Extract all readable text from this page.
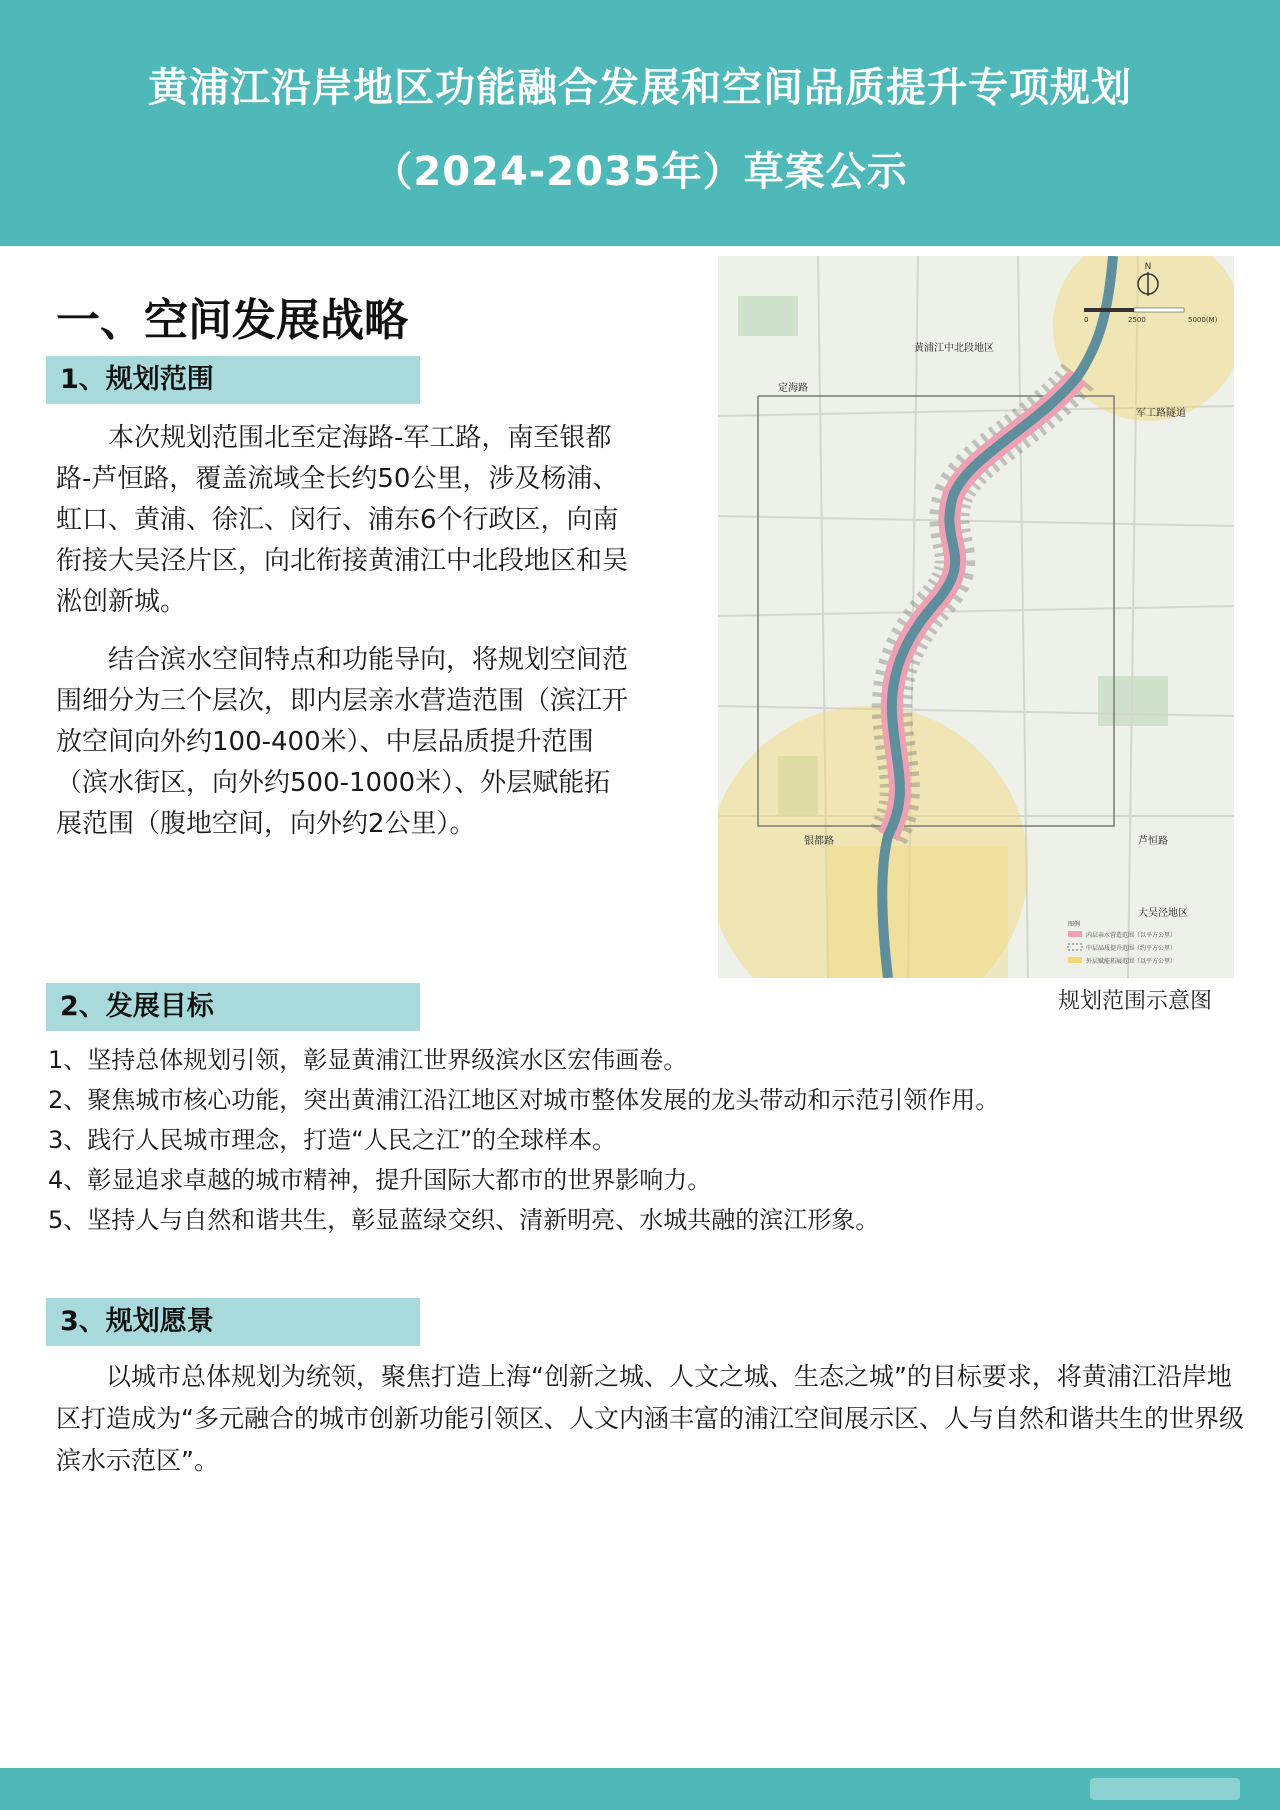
黄浦江沿岸地区功能融合发展和空间品质提升专项规划
（2024-2035年）草案公示
一、空间发展战略
1、规划范围

本次规划范围北至定海路-军工路，南至银都路-芦恒路，覆盖流域全长约50公里，涉及杨浦、虹口、黄浦、徐汇、闵行、浦东6个行政区，向南衔接大吴泾片区，向北衔接黄浦江中北段地区和吴淞创新城。

结合滨水空间特点和功能导向，将规划空间范围细分为三个层次，即内层亲水营造范围（滨江开放空间向外约100-400米）、中层品质提升范围（滨水街区，向外约500-1000米）、外层赋能拓展范围（腹地空间，向外约2公里）。

N
0	2500	5000(M)
黄浦江中北段地区
定海路
军工路隧道
银都路	芦恒路
大吴泾地区
图例
内层亲水营造范围（以平方公里）
中层品质提升范围（约平方公里）
外层赋能拓展范围（以平方公里）
规划范围示意图
2、发展目标
1、坚持总体规划引领，彰显黄浦江世界级滨水区宏伟画卷。
2、聚焦城市核心功能，突出黄浦江沿江地区对城市整体发展的龙头带动和示范引领作用。
3、践行人民城市理念，打造“人民之江”的全球样本。
4、彰显追求卓越的城市精神，提升国际大都市的世界影响力。
5、坚持人与自然和谐共生，彰显蓝绿交织、清新明亮、水城共融的滨江形象。
3、规划愿景

以城市总体规划为统领，聚焦打造上海“创新之城、人文之城、生态之城”的目标要求，将黄浦江沿岸地区打造成为“多元融合的城市创新功能引领区、人文内涵丰富的浦江空间展示区、人与自然和谐共生的世界级滨水示范区”。
